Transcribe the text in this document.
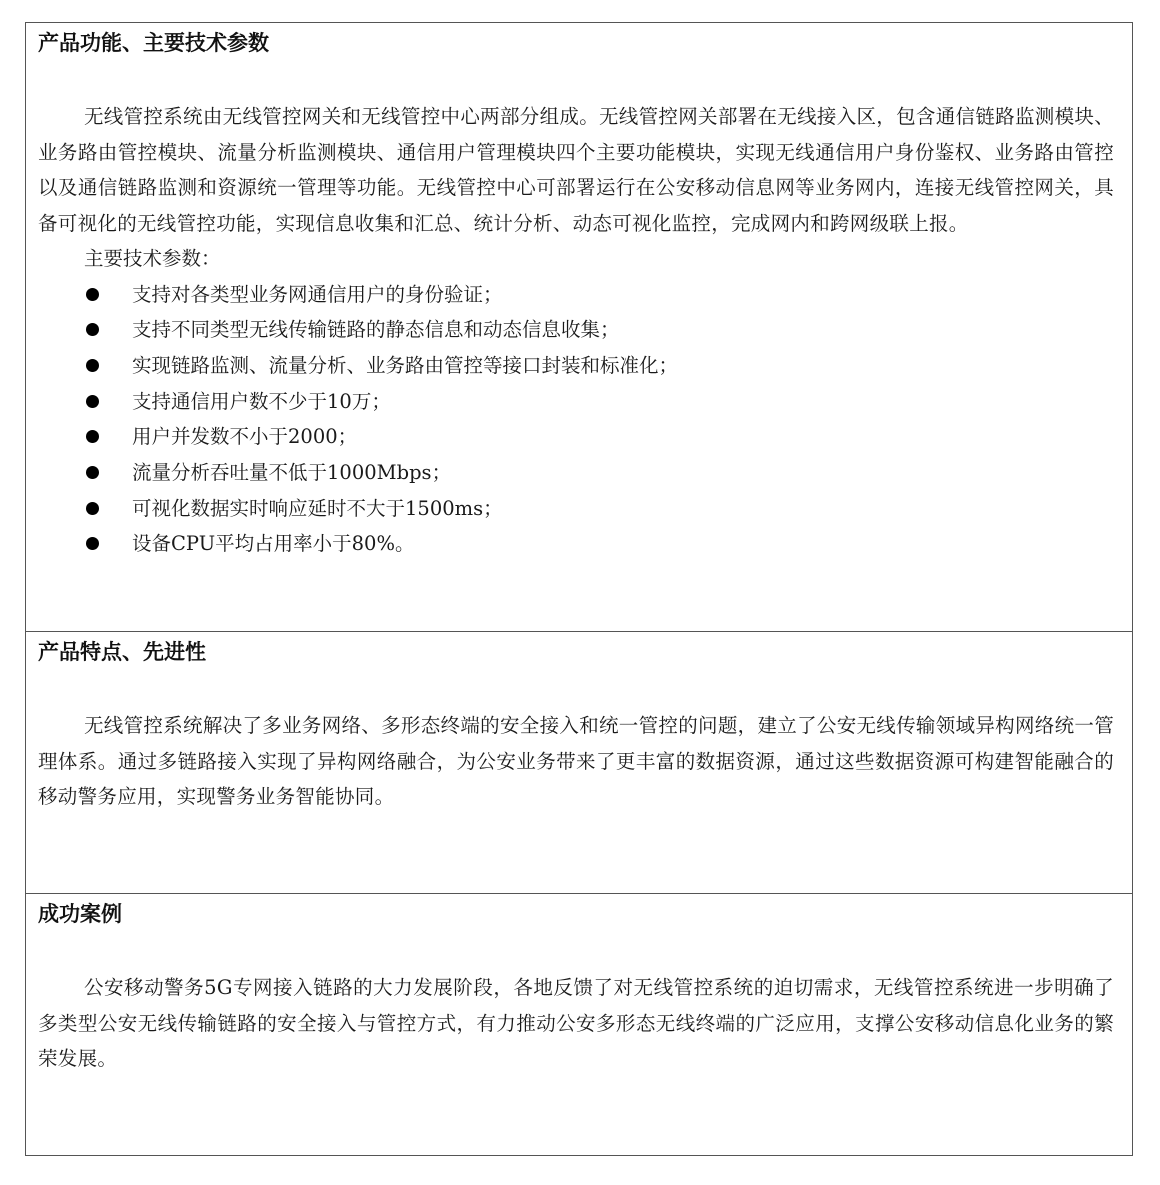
产品功能、主要技术参数

无线管控系统由无线管控网关和无线管控中心两部分组成。无线管控网关部署在无线接入区，包含通信链路监测模块、业务路由管控模块、流量分析监测模块、通信用户管理模块四个主要功能模块，实现无线通信用户身份鉴权、业务路由管控以及通信链路监测和资源统一管理等功能。无线管控中心可部署运行在公安移动信息网等业务网内，连接无线管控网关，具备可视化的无线管控功能，实现信息收集和汇总、统计分析、动态可视化监控，完成网内和跨网级联上报。

主要技术参数：

支持对各类型业务网通信用户的身份验证；
支持不同类型无线传输链路的静态信息和动态信息收集；
实现链路监测、流量分析、业务路由管控等接口封装和标准化；
支持通信用户数不少于10万；
用户并发数不小于2000；
流量分析吞吐量不低于1000Mbps；
可视化数据实时响应延时不大于1500ms；
设备CPU平均占用率小于80%。

产品特点、先进性

无线管控系统解决了多业务网络、多形态终端的安全接入和统一管控的问题，建立了公安无线传输领域异构网络统一管理体系。通过多链路接入实现了异构网络融合，为公安业务带来了更丰富的数据资源，通过这些数据资源可构建智能融合的移动警务应用，实现警务业务智能协同。

成功案例

公安移动警务5G专网接入链路的大力发展阶段，各地反馈了对无线管控系统的迫切需求，无线管控系统进一步明确了多类型公安无线传输链路的安全接入与管控方式，有力推动公安多形态无线终端的广泛应用，支撑公安移动信息化业务的繁荣发展。
